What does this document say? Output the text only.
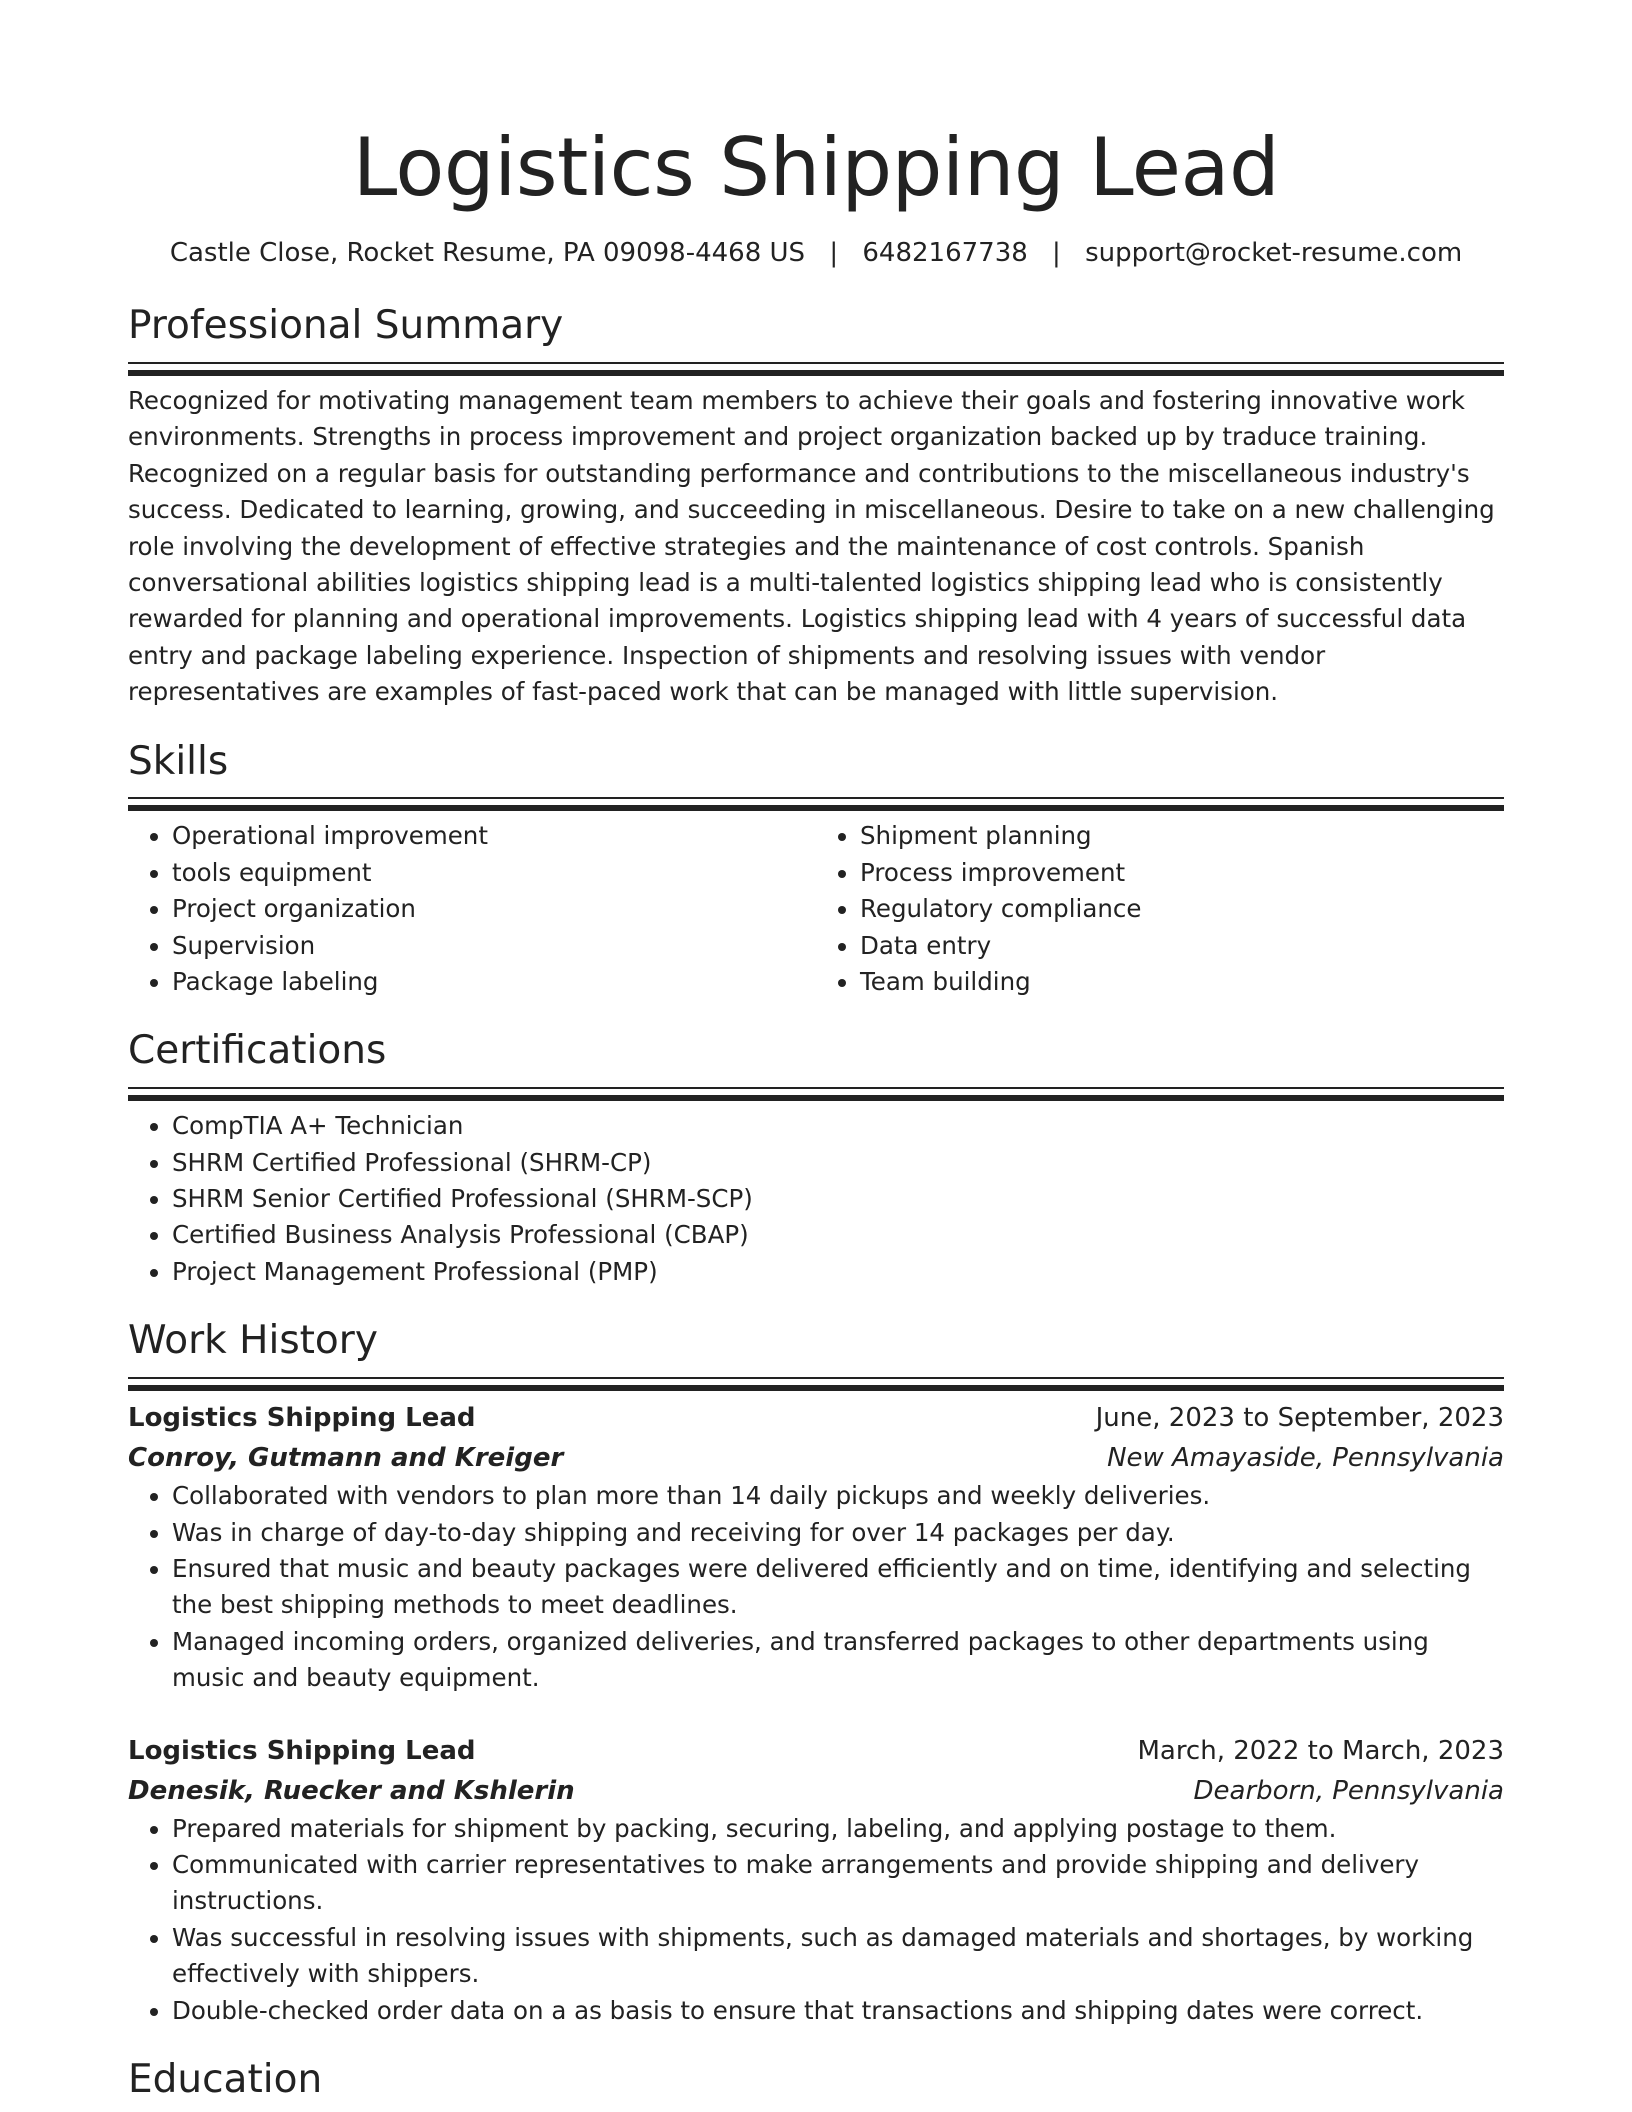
Logistics Shipping Lead
Castle Close, Rocket Resume, PA 09098-4468 US | 6482167738 | support@rocket-resume.com
Professional Summary

Recognized for motivating management team members to achieve their goals and fostering innovative work environments. Strengths in process improvement and project organization backed up by traduce training. Recognized on a regular basis for outstanding performance and contributions to the miscellaneous industry's success. Dedicated to learning, growing, and succeeding in miscellaneous. Desire to take on a new challenging role involving the development of effective strategies and the maintenance of cost controls. Spanish conversational abilities logistics shipping lead is a multi-talented logistics shipping lead who is consistently rewarded for planning and operational improvements. Logistics shipping lead with 4 years of successful data entry and package labeling experience. Inspection of shipments and resolving issues with vendor representatives are examples of fast-paced work that can be managed with little supervision.

Skills
• Operational improvement
• tools equipment
• Project organization
• Supervision
• Package labeling
• Shipment planning
• Process improvement
• Regulatory compliance
• Data entry
• Team building
Certifications
• CompTIA A+ Technician
• SHRM Certified Professional (SHRM-CP)
• SHRM Senior Certified Professional (SHRM-SCP)
• Certified Business Analysis Professional (CBAP)
• Project Management Professional (PMP)
Work History
Logistics Shipping Lead	June, 2023 to September, 2023
Conroy, Gutmann and Kreiger	New Amayaside, Pennsylvania
• Collaborated with vendors to plan more than 14 daily pickups and weekly deliveries.
• Was in charge of day-to-day shipping and receiving for over 14 packages per day.
• Ensured that music and beauty packages were delivered efficiently and on time, identifying and selecting the best shipping methods to meet deadlines.
• Managed incoming orders, organized deliveries, and transferred packages to other departments using music and beauty equipment.
Logistics Shipping Lead	March, 2022 to March, 2023
Denesik, Ruecker and Kshlerin	Dearborn, Pennsylvania
• Prepared materials for shipment by packing, securing, labeling, and applying postage to them.
• Communicated with carrier representatives to make arrangements and provide shipping and delivery instructions.
• Was successful in resolving issues with shipments, such as damaged materials and shortages, by working effectively with shippers.
• Double-checked order data on a as basis to ensure that transactions and shipping dates were correct.
Education
